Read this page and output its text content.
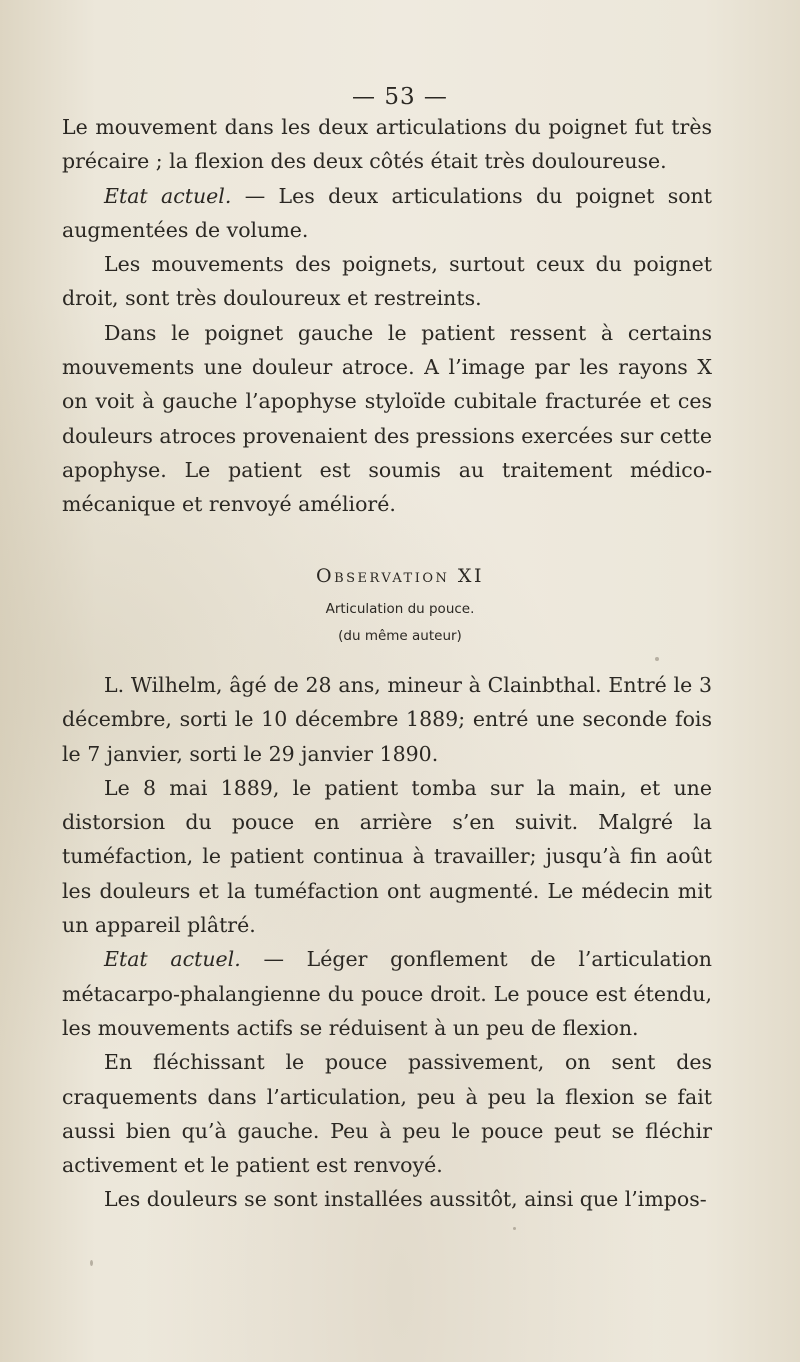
— 53 —

Le mouvement dans les deux articulations du poignet fut très précaire ; la flexion des deux côtés était très douloureuse.

Etat actuel. — Les deux articulations du poignet sont augmentées de volume.

Les mouvements des poignets, surtout ceux du poignet droit, sont très douloureux et restreints.

Dans le poignet gauche le patient ressent à certains mouvements une douleur atroce. A l’image par les rayons X on voit à gauche l’apophyse styloïde cubitale fracturée et ces douleurs atroces provenaient des pressions exercées sur cette apophyse. Le patient est soumis au traitement médico-mécanique et renvoyé amélioré.

Observation XI
Articulation du pouce.
(du même auteur)

L. Wilhelm, âgé de 28 ans, mineur à Clainbthal. Entré le 3 décembre, sorti le 10 décembre 1889; entré une seconde fois le 7 janvier, sorti le 29 janvier 1890.

Le 8 mai 1889, le patient tomba sur la main, et une distorsion du pouce en arrière s’en suivit. Malgré la tuméfaction, le patient continua à travailler; jusqu’à fin août les douleurs et la tuméfaction ont augmenté. Le médecin mit un appareil plâtré.

Etat actuel. — Léger gonflement de l’articulation métacarpo-phalangienne du pouce droit. Le pouce est étendu, les mouvements actifs se réduisent à un peu de flexion.

En fléchissant le pouce passivement, on sent des craquements dans l’articulation, peu à peu la flexion se fait aussi bien qu’à gauche. Peu à peu le pouce peut se fléchir activement et le patient est renvoyé.

Les douleurs se sont installées aussitôt, ainsi que l’impos-
